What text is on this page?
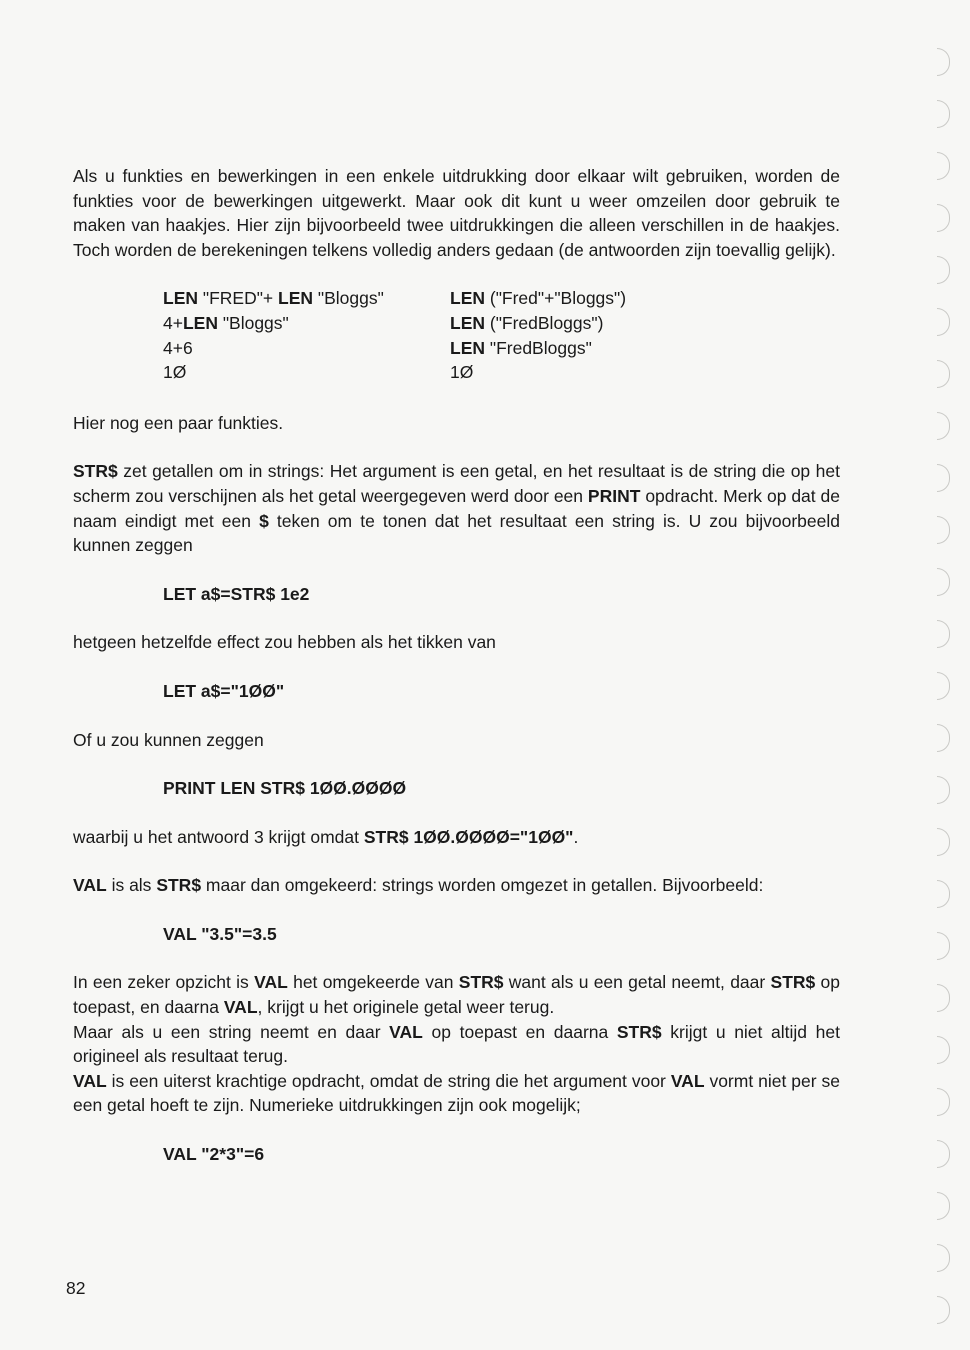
Als u funkties en bewerkingen in een enkele uitdrukking door elkaar wilt gebruiken, worden de funkties voor de bewerkingen uitgewerkt. Maar ook dit kunt u weer omzeilen door gebruik te maken van haakjes. Hier zijn bijvoorbeeld twee uitdrukkingen die alleen verschillen in de haakjes. Toch worden de berekeningen telkens volledig anders gedaan (de antwoorden zijn toevallig gelijk).

LEN "FRED"+ LEN "Bloggs"
4+LEN "Bloggs"
4+6
1Ø
LEN ("Fred"+"Bloggs")
LEN ("FredBloggs")
LEN "FredBloggs"
1Ø

Hier nog een paar funkties.

STR$ zet getallen om in strings: Het argument is een getal, en het resultaat is de string die op het scherm zou verschijnen als het getal weergegeven werd door een PRINT opdracht. Merk op dat de naam eindigt met een $ teken om te tonen dat het resultaat een string is. U zou bijvoorbeeld kunnen zeggen

LET a$=STR$ 1e2

hetgeen hetzelfde effect zou hebben als het tikken van

LET a$="1ØØ"

Of u zou kunnen zeggen

PRINT LEN STR$ 1ØØ.ØØØØ

waarbij u het antwoord 3 krijgt omdat STR$ 1ØØ.ØØØØ="1ØØ".

VAL is als STR$ maar dan omgekeerd: strings worden omgezet in getallen. Bijvoorbeeld:

VAL "3.5"=3.5

In een zeker opzicht is VAL het omgekeerde van STR$ want als u een getal neemt, daar STR$ op toepast, en daarna VAL, krijgt u het originele getal weer terug.

Maar als u een string neemt en daar VAL op toepast en daarna STR$ krijgt u niet altijd het origineel als resultaat terug.

VAL is een uiterst krachtige opdracht, omdat de string die het argument voor VAL vormt niet per se een getal hoeft te zijn. Numerieke uitdrukkingen zijn ook mogelijk;

VAL "2*3"=6

82
